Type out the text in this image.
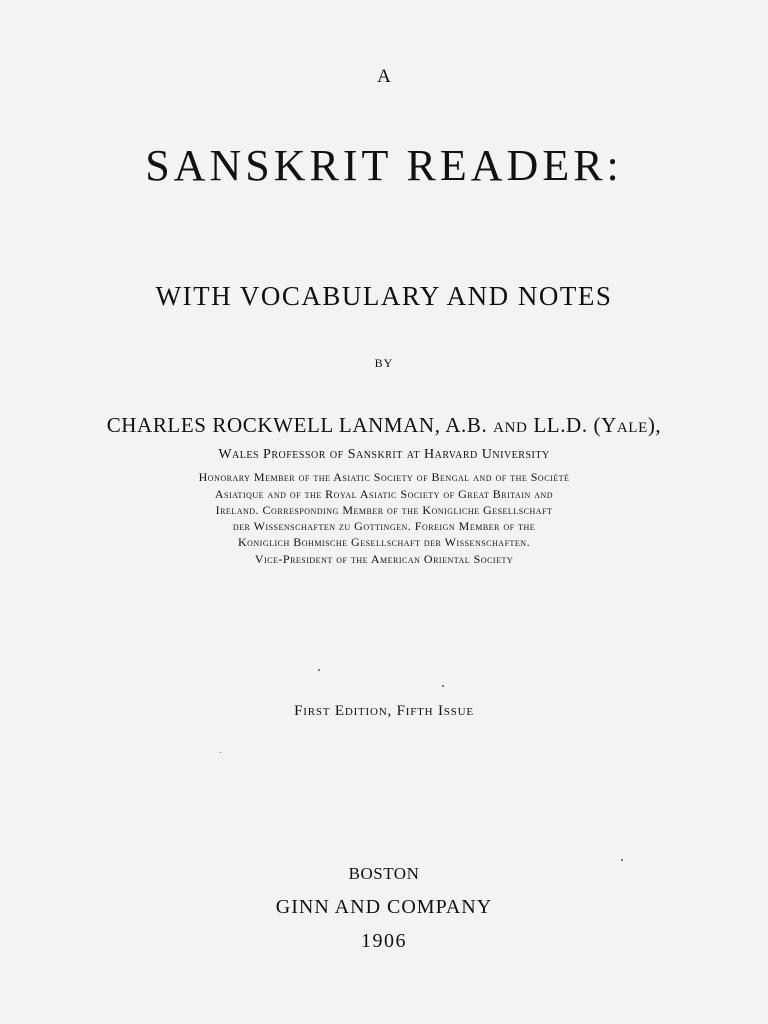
A
SANSKRIT READER:
WITH VOCABULARY AND NOTES
BY
CHARLES ROCKWELL LANMAN, A.B. AND LL.D. (YALE),
Wales Professor of Sanskrit at Harvard University
Honorary Member of the Asiatic Society of Bengal and of the Société
Asiatique and of the Royal Asiatic Society of Great Britain and
Ireland. Corresponding Member of the Konigliche Gesellschaft
der Wissenschaften zu Gottingen. Foreign Member of the
Koniglich Bohmische Gesellschaft der Wissenschaften.
Vice-President of the American Oriental Society
First Edition, Fifth Issue
BOSTON
GINN AND COMPANY
1906
